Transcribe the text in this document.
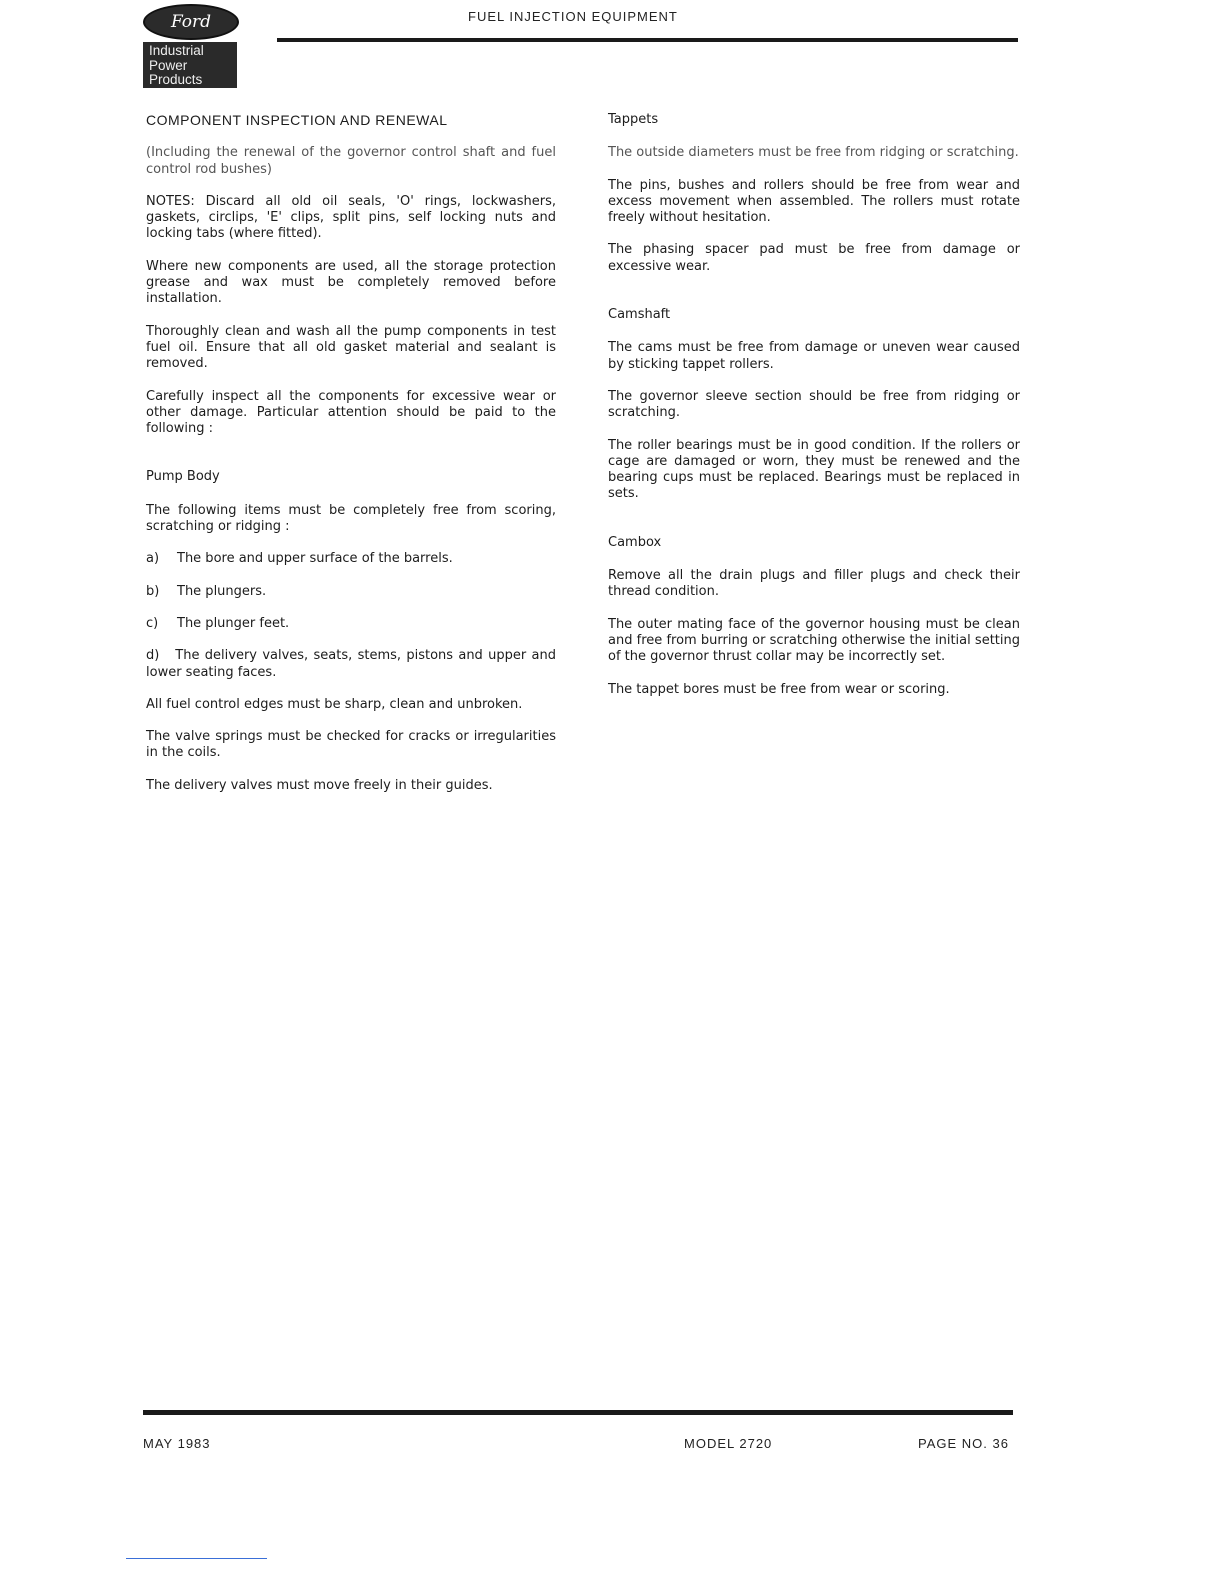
Ford
Industrial
Power
Products
FUEL INJECTION EQUIPMENT
COMPONENT INSPECTION AND RENEWAL

(Including the renewal of the governor control shaft and fuel control rod bushes)

NOTES: Discard all old oil seals, 'O' rings, lockwashers, gaskets, circlips, 'E' clips, split pins, self locking nuts and locking tabs (where fitted).

Where new components are used, all the storage protection grease and wax must be completely removed before installation.

Thoroughly clean and wash all the pump components in test fuel oil. Ensure that all old gasket material and sealant is removed.

Carefully inspect all the components for excessive wear or other damage. Particular attention should be paid to the following :

Pump Body

The following items must be completely free from scoring, scratching or ridging :

a)	The bore and upper surface of the barrels.
b)	The plungers.
c)	The plunger feet.
d) The delivery valves, seats, stems, pistons and upper and lower seating faces.

All fuel control edges must be sharp, clean and unbroken.

The valve springs must be checked for cracks or irregularities in the coils.

The delivery valves must move freely in their guides.

Tappets

The outside diameters must be free from ridging or scratching.

The pins, bushes and rollers should be free from wear and excess movement when assembled. The rollers must rotate freely without hesitation.

The phasing spacer pad must be free from damage or excessive wear.

Camshaft

The cams must be free from damage or uneven wear caused by sticking tappet rollers.

The governor sleeve section should be free from ridging or scratching.

The roller bearings must be in good condition. If the rollers or cage are damaged or worn, they must be renewed and the bearing cups must be replaced. Bearings must be replaced in sets.

Cambox

Remove all the drain plugs and filler plugs and check their thread condition.

The outer mating face of the governor housing must be clean and free from burring or scratching otherwise the initial setting of the governor thrust collar may be incorrectly set.

The tappet bores must be free from wear or scoring.

MAY 1983	MODEL 2720	PAGE NO. 36
